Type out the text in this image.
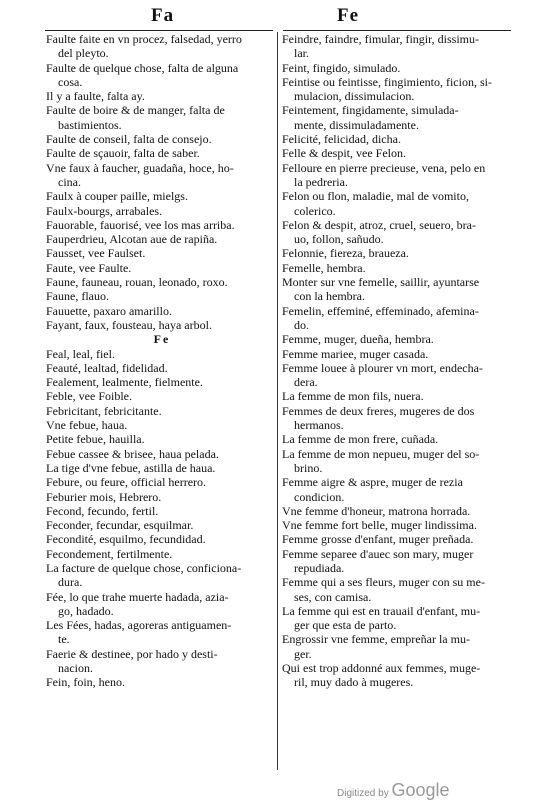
Fa	Fe
Faulte faite en vn procez, falsedad, yerro
del pleyto.
Faulte de quelque chose, falta de alguna
cosa.
Il y a faulte, falta ay.
Faulte de boire & de manger, falta de
bastimientos.
Faulte de conseil, falta de consejo.
Faulte de sçauoir, falta de saber.
Vne faux à faucher, guadaña, hoce, ho-
cina.
Faulx à couper paille, mielgs.
Faulx-bourgs, arrabales.
Fauorable, fauorisé, vee los mas arriba.
Fauperdrieu, Alcotan aue de rapiña.
Fausset, vee Faulset.
Faute, vee Faulte.
Faune, fauneau, rouan, leonado, roxo.
Faune, flauo.
Fauuette, paxaro amarillo.
Fayant, faux, fousteau, haya arbol.
Fe
Feal, leal, fiel.
Feauté, lealtad, fidelidad.
Fealement, lealmente, fielmente.
Feble, vee Foible.
Febricitant, febricitante.
Vne febue, haua.
Petite febue, hauilla.
Febue cassee & brisee, haua pelada.
La tige d'vne febue, astilla de haua.
Febure, ou feure, official herrero.
Feburier mois, Hebrero.
Fecond, fecundo, fertil.
Feconder, fecundar, esquilmar.
Fecondité, esquilmo, fecundidad.
Fecondement, fertilmente.
La facture de quelque chose, conficiona-
dura.
Fée, lo que trahe muerte hadada, azia-
go, hadado.
Les Fées, hadas, agoreras antiguamen-
te.
Faerie & destinee, por hado y desti-
nacion.
Fein, foin, heno.
Feindre, faindre, fimular, fingir, dissimu-
lar.
Feint, fingido, simulado.
Feintise ou feintisse, fingimiento, ficion, si-
mulacion, dissimulacion.
Feintement, fingidamente, simulada-
mente, dissimuladamente.
Felicité, felicidad, dicha.
Felle & despit, vee Felon.
Felloure en pierre precieuse, vena, pelo en
la pedreria.
Felon ou flon, maladie, mal de vomito,
colerico.
Felon & despit, atroz, cruel, seuero, bra-
uo, follon, sañudo.
Felonnie, fiereza, braueza.
Femelle, hembra.
Monter sur vne femelle, saillir, ayuntarse
con la hembra.
Femelin, effeminé, effeminado, afemina-
do.
Femme, muger, dueña, hembra.
Femme mariee, muger casada.
Femme louee à plourer vn mort, endecha-
dera.
La femme de mon fils, nuera.
Femmes de deux freres, mugeres de dos
hermanos.
La femme de mon frere, cuñada.
La femme de mon nepueu, muger del so-
brino.
Femme aigre & aspre, muger de rezia
condicion.
Vne femme d'honeur, matrona horrada.
Vne femme fort belle, muger lindissima.
Femme grosse d'enfant, muger preñada.
Femme separee d'auec son mary, muger
repudiada.
Femme qui a ses fleurs, muger con su me-
ses, con camisa.
La femme qui est en trauail d'enfant, mu-
ger que esta de parto.
Engrossir vne femme, empreñar la mu-
ger.
Qui est trop addonné aux femmes, muge-
ril, muy dado à mugeres.
Digitized by Google
